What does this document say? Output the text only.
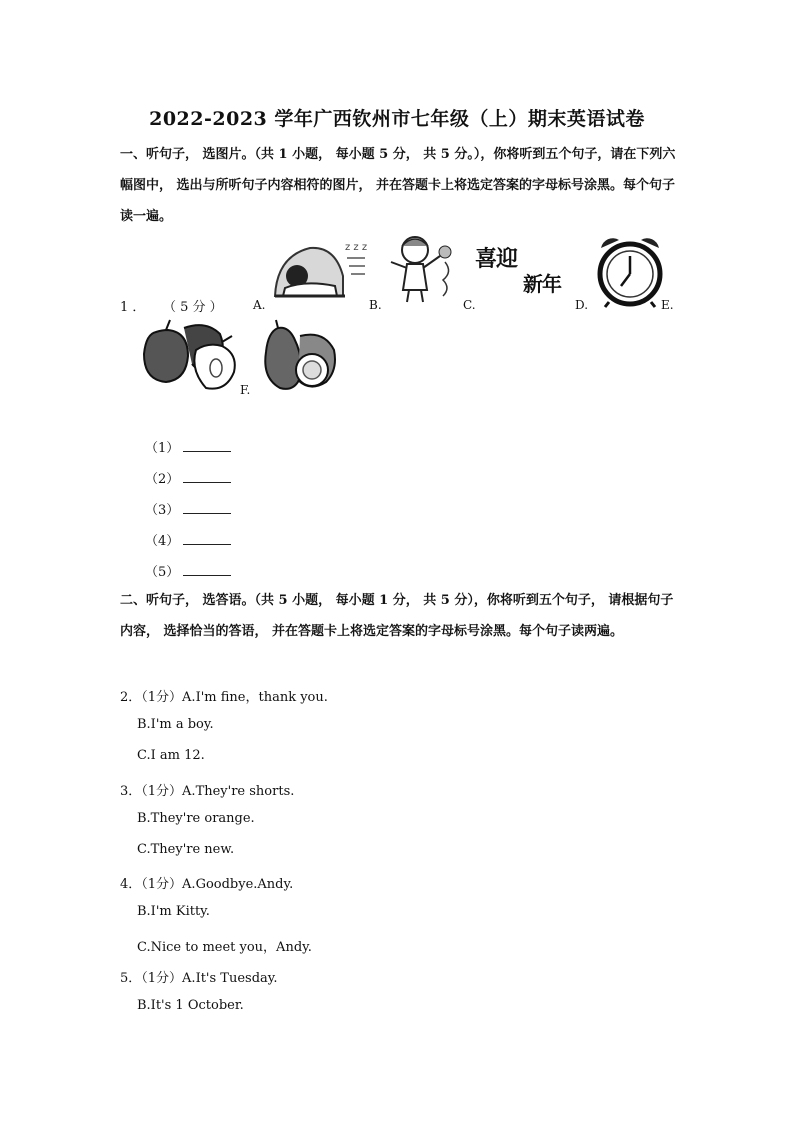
2022-2023 学年广西钦州市七年级（上）期末英语试卷
一、听句子， 选图片。（共 1 小题， 每小题 5 分， 共 5 分。），你将听到五个句子，请在下列六幅图中， 选出与所听句子内容相符的图片， 并在答题卡上将选定答案的字母标号涂黑。每个句子读一遍。
1 ． （ 5 分 ）	A.
z z z
B.	C.
喜迎
新年
D.	E.
F.
（1）
（2）
（3）
（4）
（5）
二、听句子， 选答语。（共 5 小题， 每小题 1 分， 共 5 分），你将听到五个句子， 请根据句子内容， 选择恰当的答语， 并在答题卡上将选定答案的字母标号涂黑。每个句子读两遍。
2．（1分）A.I'm fine，thank you.
B.I'm a boy.
C.I am 12.
3．（1分）A.They're shorts.
B.They're orange.
C.They're new.
4．（1分）A.Goodbye.Andy.
B.I'm Kitty.
C.Nice to meet you，Andy.
5．（1分）A.It's Tuesday.
B.It's 1 October.
